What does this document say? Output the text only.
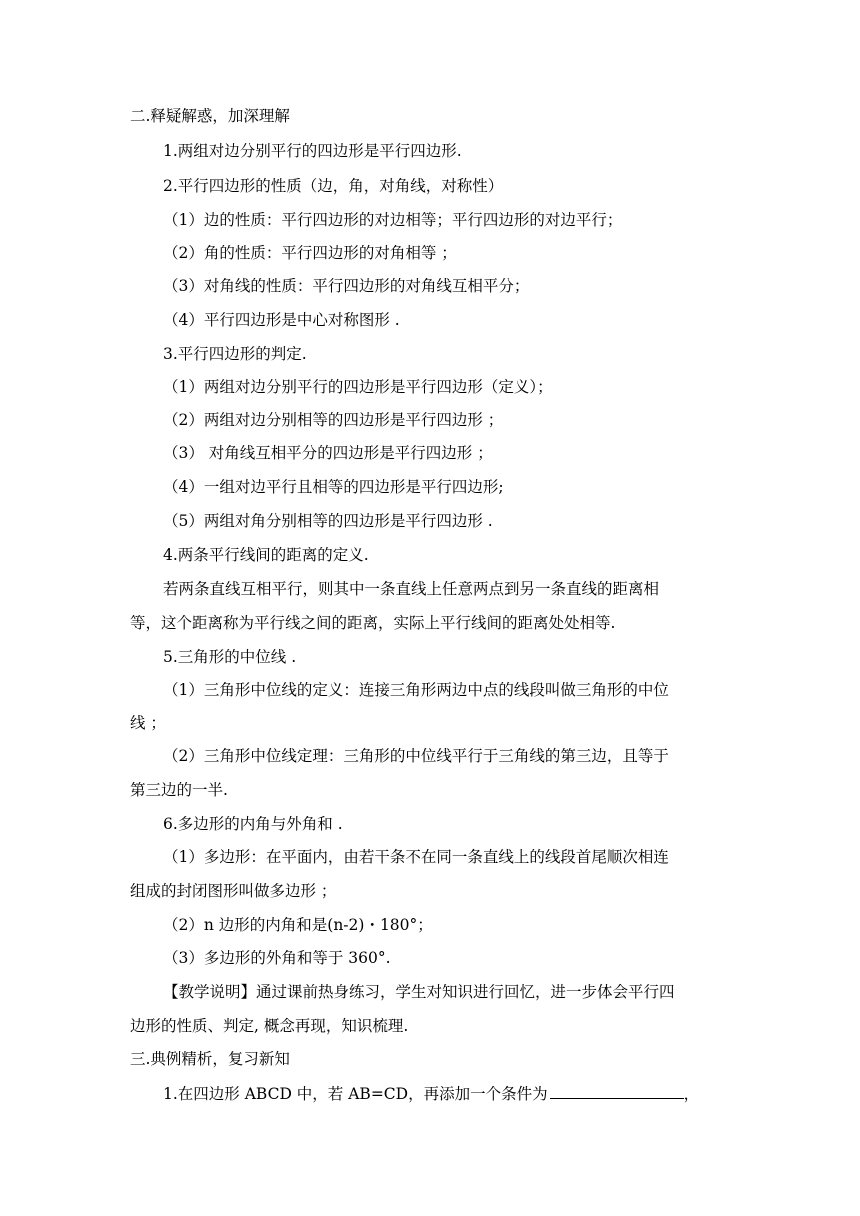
二.释疑解惑，加深理解
1.两组对边分别平行的四边形是平行四边形.
2.平行四边形的性质（边，角，对角线，对称性）
（1）边的性质：平行四边形的对边相等；平行四边形的对边平行；
（2）角的性质：平行四边形的对角相等 ；
（3）对角线的性质：平行四边形的对角线互相平分；
（4）平行四边形是中心对称图形 .
3.平行四边形的判定.
（1）两组对边分别平行的四边形是平行四边形（定义）；
（2）两组对边分别相等的四边形是平行四边形 ；
（3） 对角线互相平分的四边形是平行四边形 ；
（4）一组对边平行且相等的四边形是平行四边形;
（5）两组对角分别相等的四边形是平行四边形 .
4.两条平行线间的距离的定义.
若两条直线互相平行，则其中一条直线上任意两点到另一条直线的距离相
等，这个距离称为平行线之间的距离，实际上平行线间的距离处处相等.
5.三角形的中位线 .
（1）三角形中位线的定义：连接三角形两边中点的线段叫做三角形的中位
线 ；
（2）三角形中位线定理：三角形的中位线平行于三角线的第三边，且等于
第三边的一半.
6.多边形的内角与外角和 .
（1）多边形：在平面内，由若干条不在同一条直线上的线段首尾顺次相连
组成的封闭图形叫做多边形 ；
（2）n 边形的内角和是(n-2)・180°；
（3）多边形的外角和等于 360°.
【教学说明】通过课前热身练习，学生对知识进行回忆，进一步体会平行四
边形的性质、判定, 概念再现，知识梳理.
三.典例精析，复习新知
1.在四边形 ABCD 中，若 AB=CD，再添加一个条件为	，
